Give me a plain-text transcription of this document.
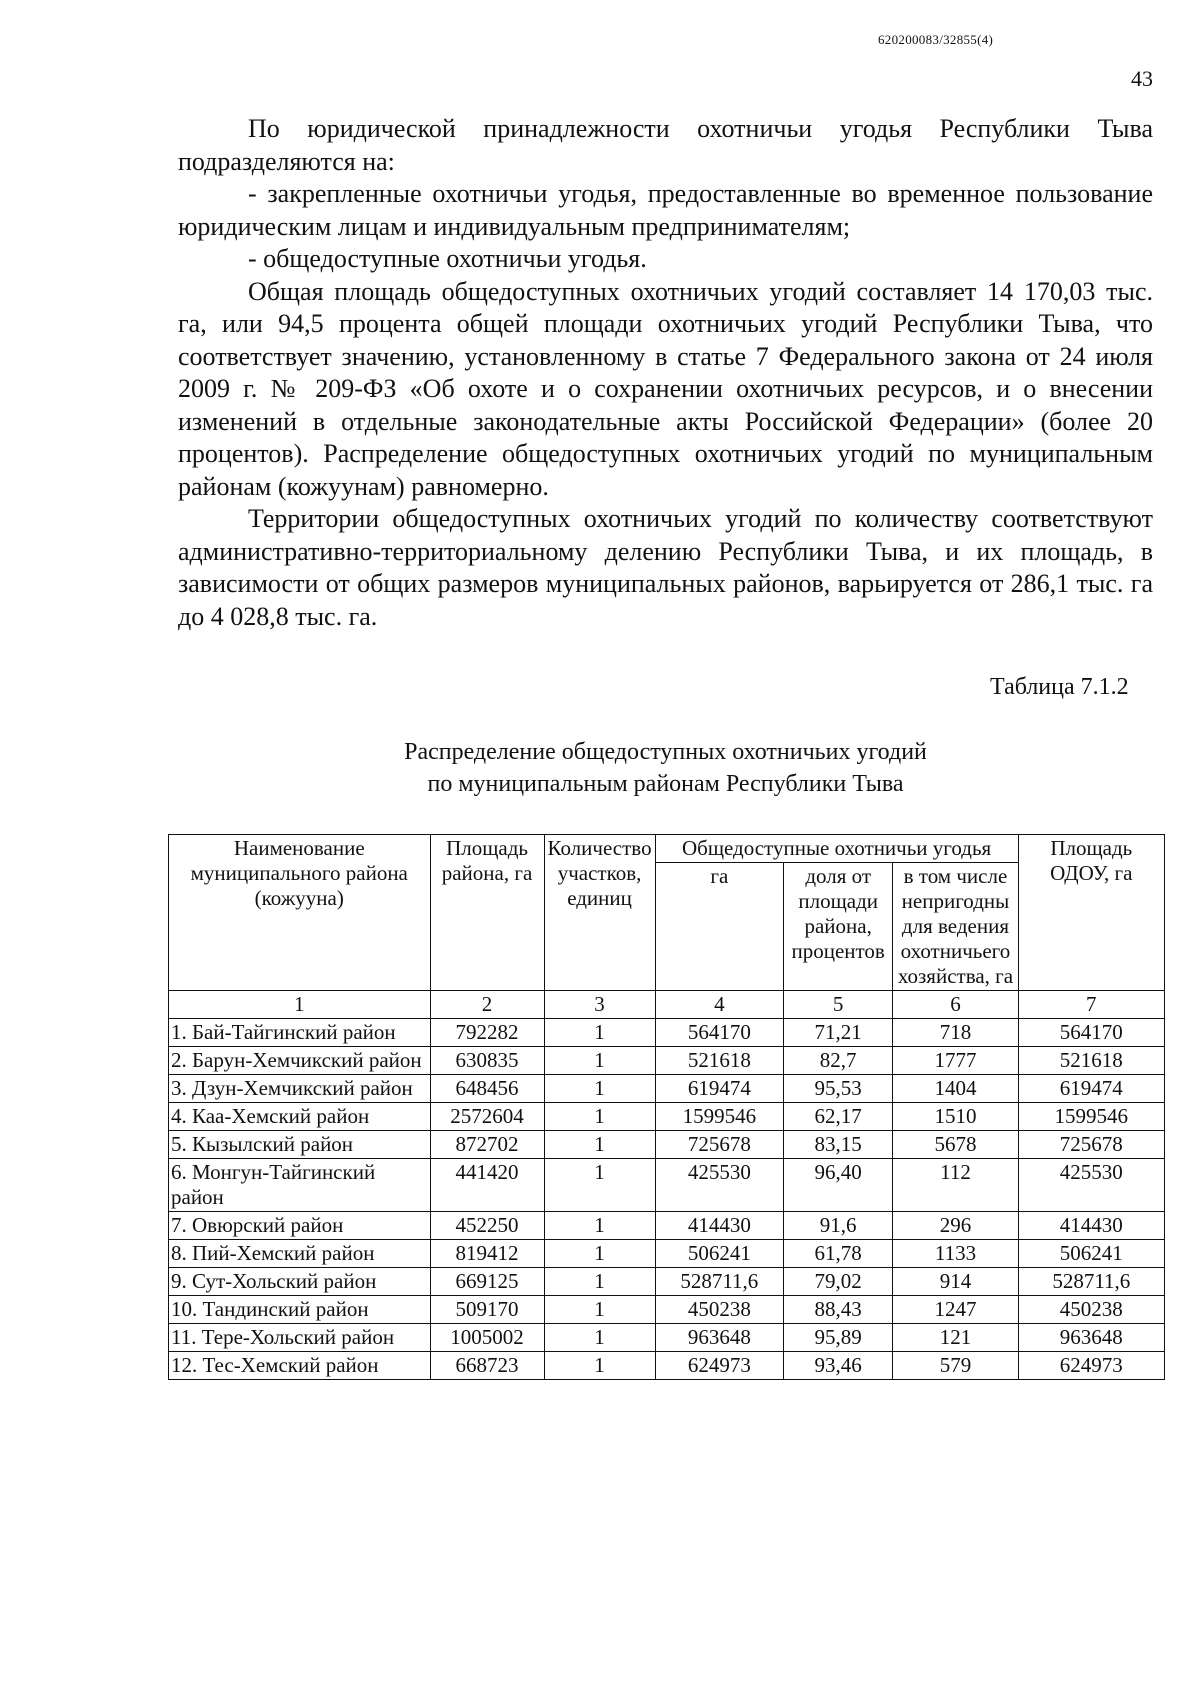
620200083/32855(4)
43

По юридической принадлежности охотничьи угодья Республики Тыва подразделяются на:

- закрепленные охотничьи угодья, предоставленные во временное пользование юридическим лицам и индивидуальным предпринимателям;

- общедоступные охотничьи угодья.

Общая площадь общедоступных охотничьих угодий составляет 14 170,03 тыс. га, или 94,5 процента общей площади охотничьих угодий Республики Тыва, что соответствует значению, установленному в статье 7 Федерального закона от 24 июля 2009 г. № 209-ФЗ «Об охоте и о сохранении охотничьих ресурсов, и о внесении изменений в отдельные законодательные акты Российской Федерации» (более 20 процентов). Распределение общедоступных охотничьих угодий по муниципальным районам (кожуунам) равномерно.

Территории общедоступных охотничьих угодий по количеству соответствуют административно-территориальному делению Республики Тыва, и их площадь, в зависимости от общих размеров муниципальных районов, варьируется от 286,1 тыс. га до 4 028,8 тыс. га.

Таблица 7.1.2
Распределение общедоступных охотничьих угодий
по муниципальным районам Республики Тыва
Наименование муниципального района (кожууна)	Площадь района, га	Количество участков, единиц	Общедоступные охотничьи угодья			Площадь ОДОУ, га
			га	доля от площади района, процентов	в том числе непригодны для ведения охотничьего хозяйства, га	
1	2	3	4	5	6	7
1. Бай-Тайгинский район	792282	1	564170	71,21	718	564170
2. Барун-Хемчикский район	630835	1	521618	82,7	1777	521618
3. Дзун-Хемчикский район	648456	1	619474	95,53	1404	619474
4. Каа-Хемский район	2572604	1	1599546	62,17	1510	1599546
5. Кызылский район	872702	1	725678	83,15	5678	725678
6. Монгун-Тайгинский район	441420	1	425530	96,40	112	425530
7. Овюрский район	452250	1	414430	91,6	296	414430
8. Пий-Хемский район	819412	1	506241	61,78	1133	506241
9. Сут-Хольский район	669125	1	528711,6	79,02	914	528711,6
10. Тандинский район	509170	1	450238	88,43	1247	450238
11. Тере-Хольский район	1005002	1	963648	95,89	121	963648
12. Тес-Хемский район	668723	1	624973	93,46	579	624973
